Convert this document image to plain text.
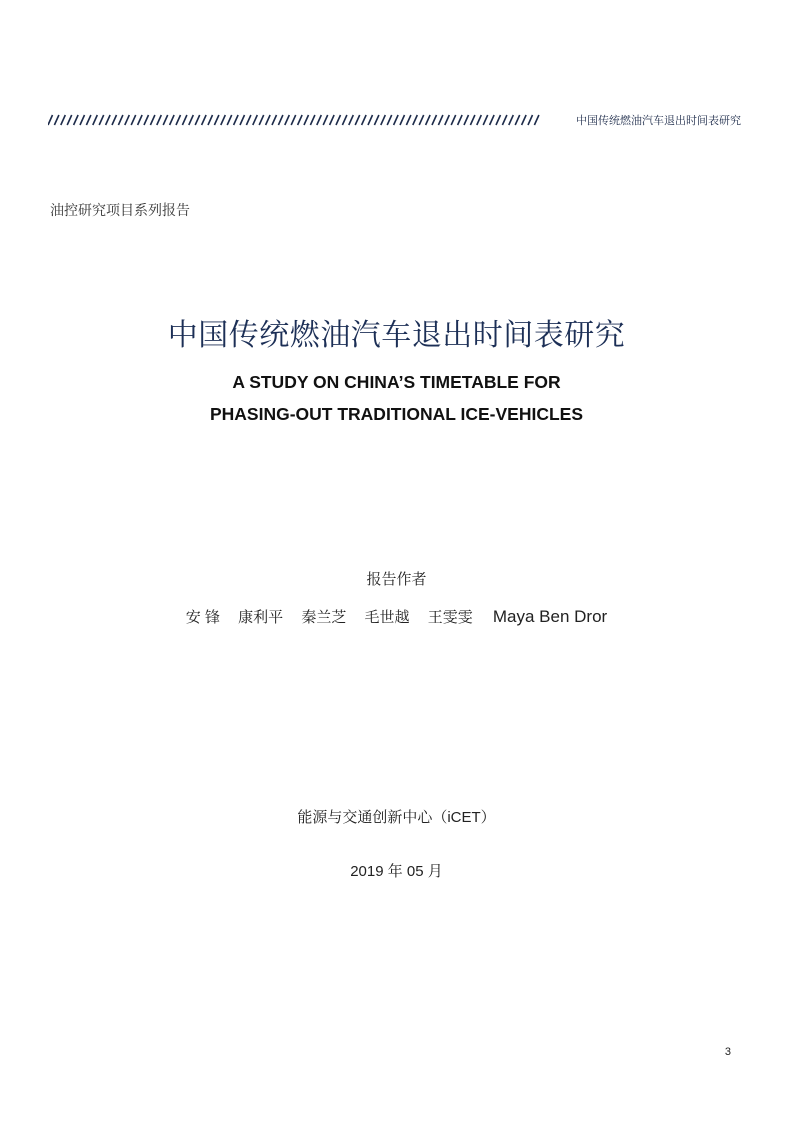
中国传统燃油汽车退出时间表研究
油控研究项目系列报告
中国传统燃油汽车退出时间表研究
A STUDY ON CHINA’S TIMETABLE FOR
PHASING-OUT TRADITIONAL ICE-VEHICLES
报告作者
安 锋 康利平 秦兰芝 毛世越 王雯雯 Maya Ben Dror
能源与交通创新中心（iCET）
2019 年 05 月
3
